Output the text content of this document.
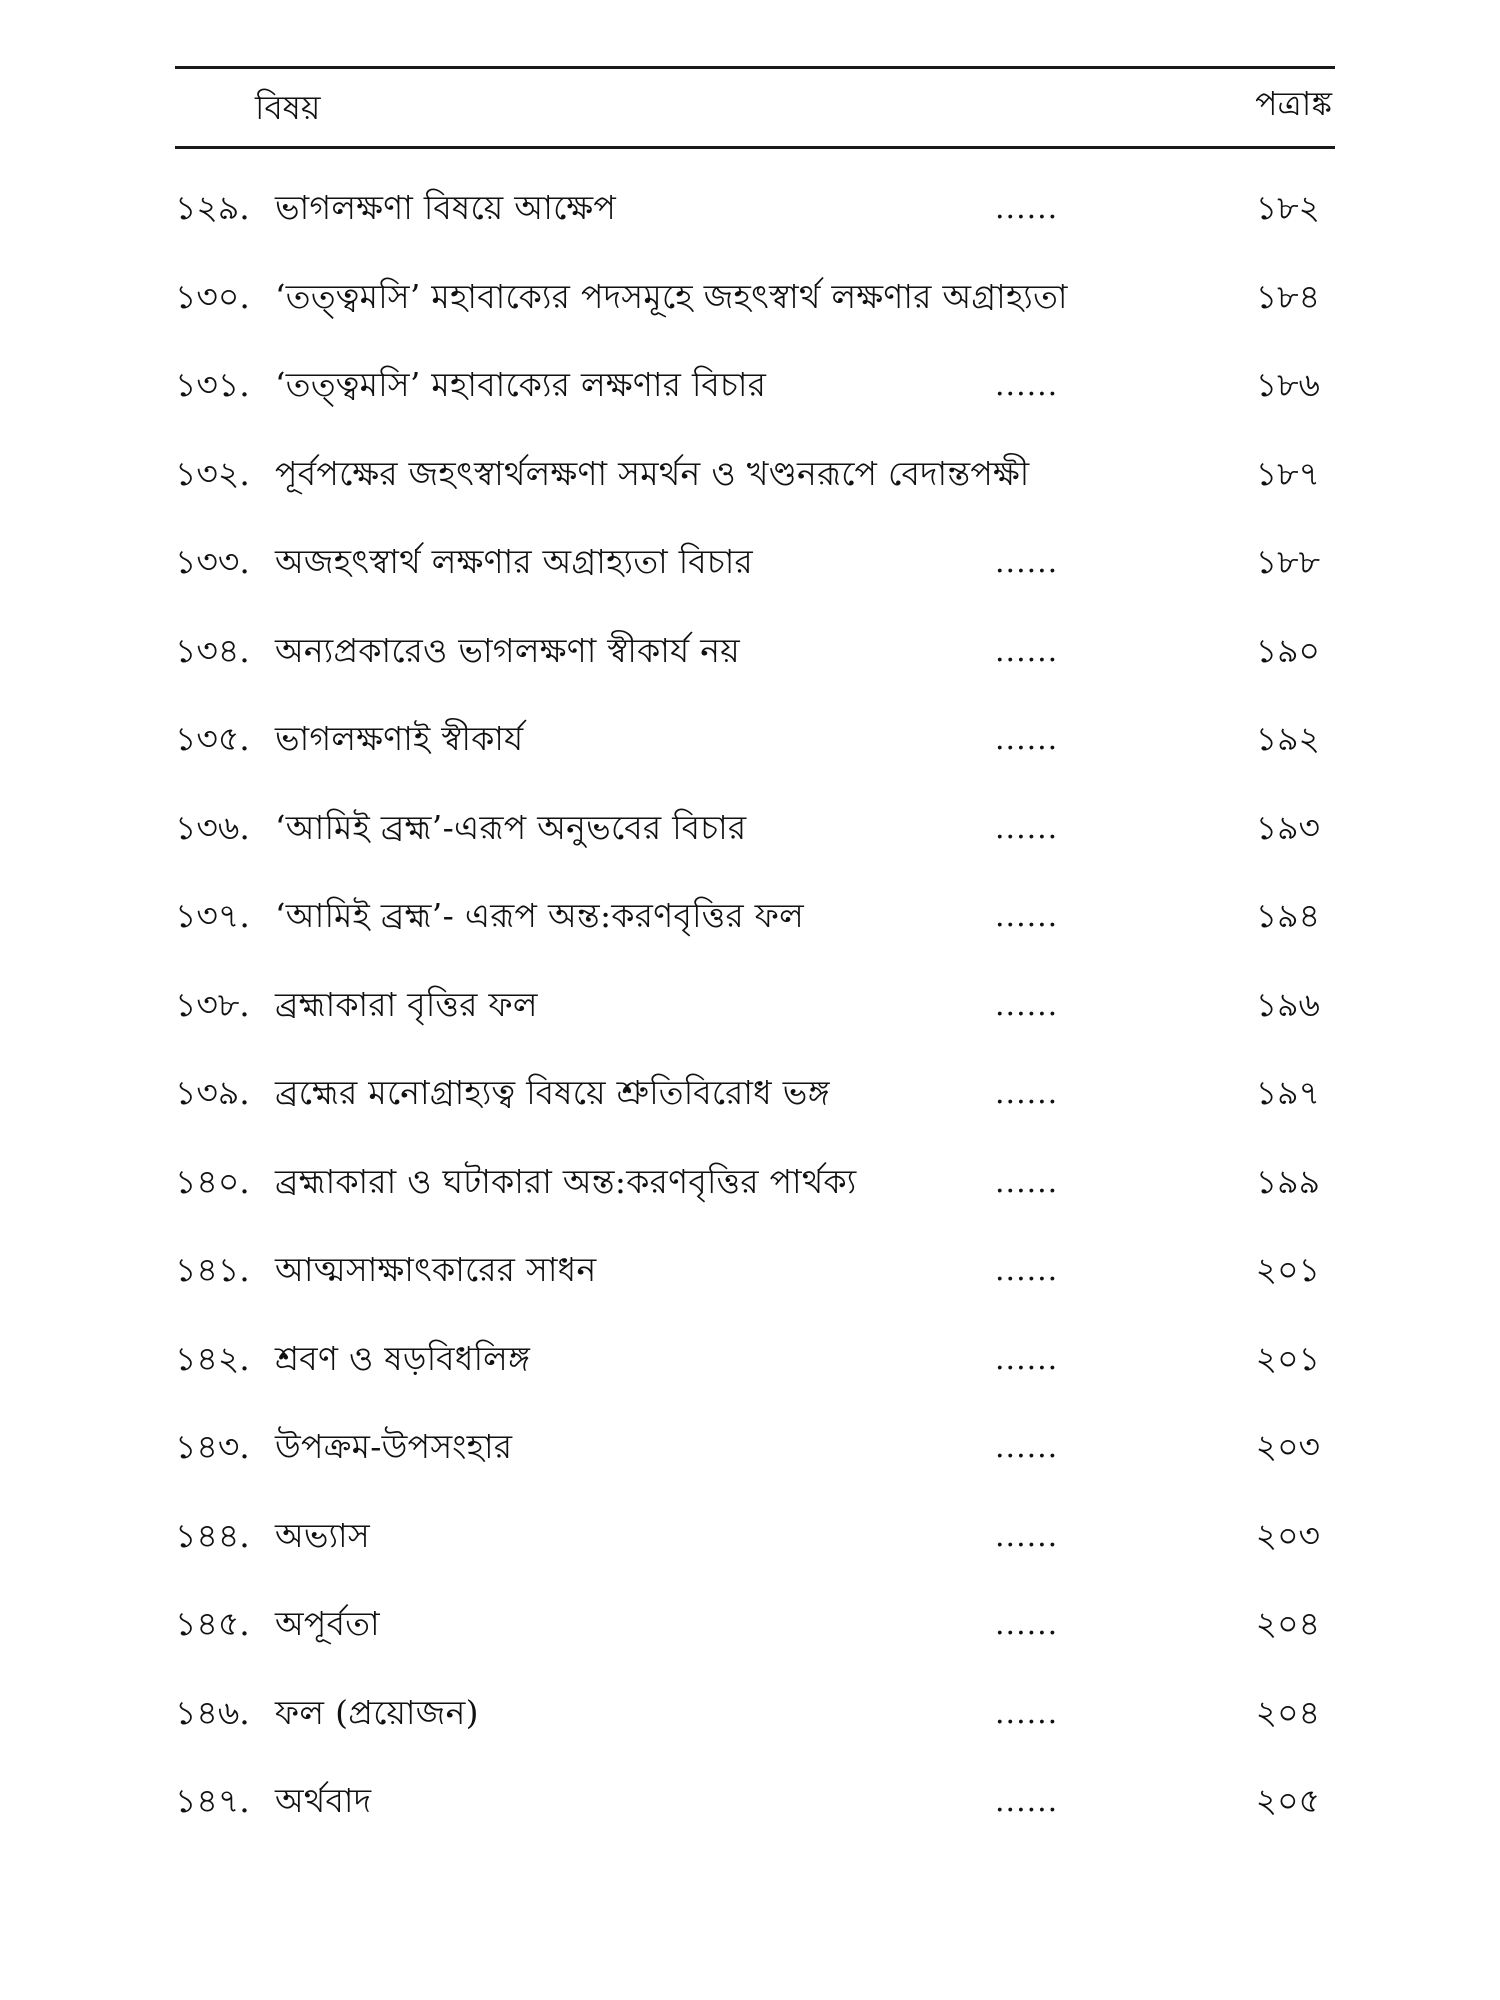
বিষয়	পত্রাঙ্ক
১২৯. ভাগলক্ষণা বিষয়ে আক্ষেপ	......	১৮২
১৩০. ‘তত্ত্বমসি’ মহাবাক্যের পদসমূহে জহৎস্বার্থ লক্ষণার অগ্রাহ্যতা	১৮৪
১৩১. ‘তত্ত্বমসি’ মহাবাক্যের লক্ষণার বিচার	......	১৮৬
১৩২. পূর্বপক্ষের জহৎস্বার্থলক্ষণা সমর্থন ও খণ্ডনরূপে বেদান্তপক্ষী	১৮৭
১৩৩. অজহৎস্বার্থ লক্ষণার অগ্রাহ্যতা বিচার	......	১৮৮
১৩৪. অন্যপ্রকারেও ভাগলক্ষণা স্বীকার্য নয়	......	১৯০
১৩৫. ভাগলক্ষণাই স্বীকার্য	......	১৯২
১৩৬. ‘আমিই ব্রহ্ম’-এরূপ অনুভবের বিচার	......	১৯৩
১৩৭. ‘আমিই ব্রহ্ম’- এরূপ অন্ত:করণবৃত্তির ফল	......	১৯৪
১৩৮. ব্রহ্মাকারা বৃত্তির ফল	......	১৯৬
১৩৯. ব্রহ্মের মনোগ্রাহ্যত্ব বিষয়ে শ্রুতিবিরোধ ভঙ্গ	......	১৯৭
১৪০. ব্রহ্মাকারা ও ঘটাকারা অন্ত:করণবৃত্তির পার্থক্য	......	১৯৯
১৪১. আত্মসাক্ষাৎকারের সাধন	......	২০১
১৪২. শ্রবণ ও ষড়বিধলিঙ্গ	......	২০১
১৪৩. উপক্রম-উপসংহার	......	২০৩
১৪৪. অভ্যাস	......	২০৩
১৪৫. অপূর্বতা	......	২০৪
১৪৬. ফল (প্রয়োজন)	......	২০৪
১৪৭. অর্থবাদ	......	২০৫
